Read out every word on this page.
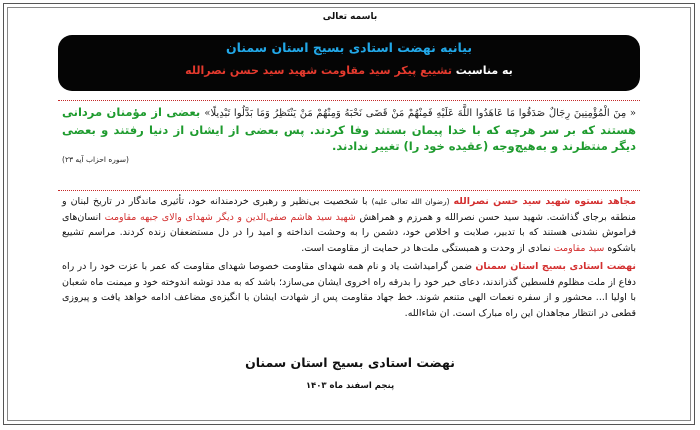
باسمه تعالی
بیانیه نهضت استادی بسیج استان سمنان
به مناسبت تشییع پیکر سید مقاومت شهید سید حسن نصرالله
« مِنَ الْمُؤْمِنِينَ رِجَالٌ صَدَقُوا مَا عَاهَدُوا اللَّهَ عَلَيْهِ فَمِنْهُمْ مَنْ قَضَى نَحْبَهُ وَمِنْهُمْ مَنْ يَنْتَظِرُ وَمَا بَدَّلُوا تَبْدِيلًا» بعضی از مؤمنان مردانی هستند که بر سر هرچه که با خدا پیمان بستند وفا کردند. پس بعضی از ایشان از دنیا رفتند و بعضی دیگر منتظرند و به‌هیچ‌وجه (عقیده خود را) تغییر ندادند.
(سوره احزاب آیه ۲۳)

مجاهد نستوه شهید سید حسن نصرالله (رضوان الله تعالی علیه) با شخصیت بی‌نظیر و رهبری خردمندانه خود، تأثیری ماندگار در تاریخ لبنان و منطقه برجای گذاشت. شهید سید حسن نصرالله و همرزم و همراهش شهید سید هاشم صفی‌الدین و دیگر شهدای والای جبهه مقاومت انسان‌های فراموش نشدنی هستند که با تدبیر، صلابت و اخلاص خود، دشمن را به وحشت انداخته و امید را در دل مستضعفان زنده کردند. مراسم تشییع باشکوه سید مقاومت نمادی از وحدت و همبستگی ملت‌ها در حمایت از مقاومت است.

نهضت استادی بسیج استان سمنان ضمن گرامیداشت یاد و نام همه شهدای مقاومت خصوصا شهدای مقاومت که عمر با عزت خود را در راه دفاع از ملت مظلوم فلسطین گذراندند، دعای خیر خود را بدرقه راه اخروی ایشان می‌سازد؛ باشد که به مدد توشه اندوخته خود و میمنت ماه شعبان با اولیا ا... محشور و از سفره نعمات الهی متنعم شوند. خط جهاد مقاومت پس از شهادت ایشان با انگیزه‌ی مضاعف ادامه خواهد یافت و پیروزی قطعی در انتظار مجاهدان این راه مبارک است. ان شاءالله.

نهضت استادی بسیج استان سمنان
پنجم اسفند ماه ۱۴۰۳
